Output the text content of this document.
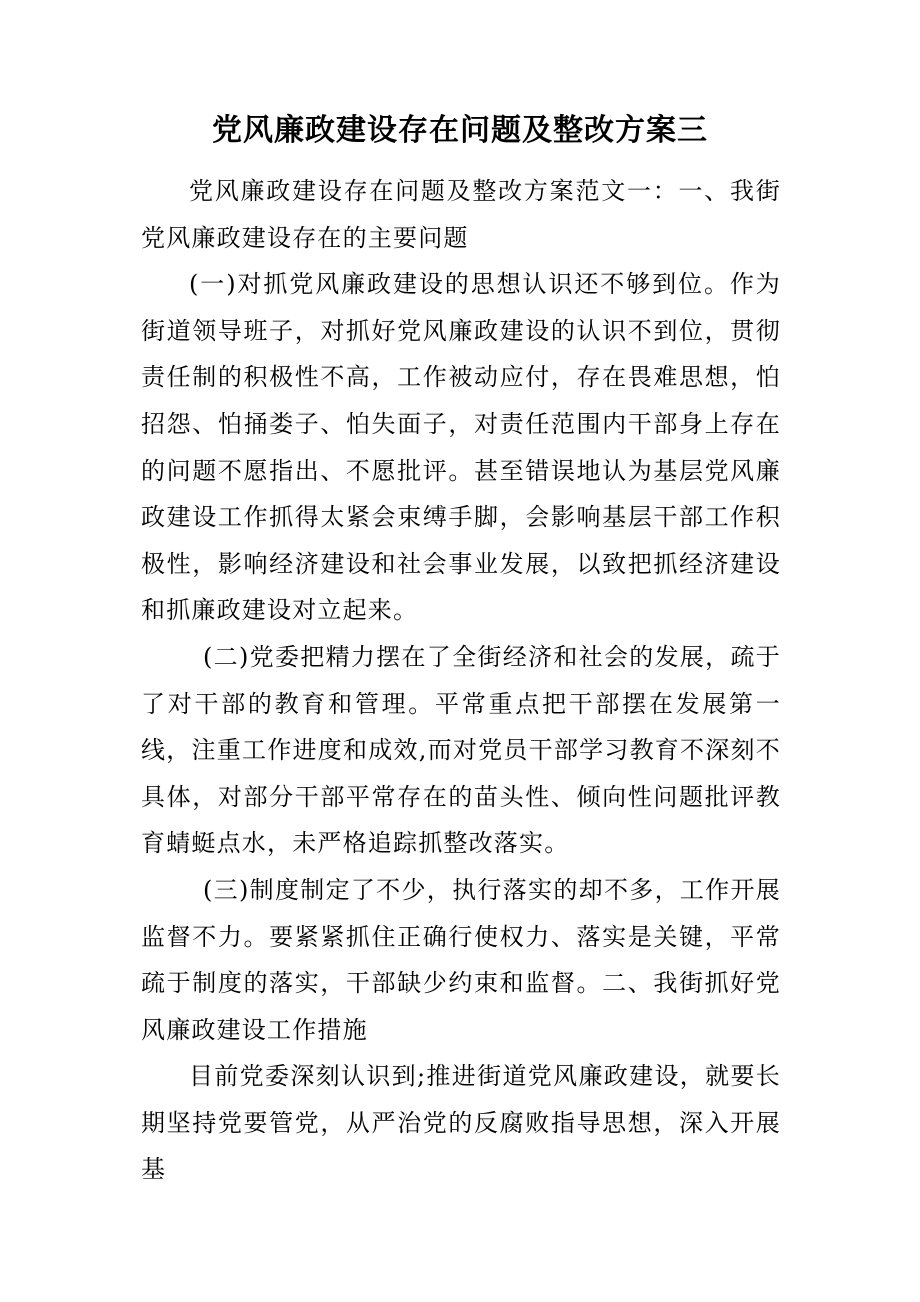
党风廉政建设存在问题及整改方案三

党风廉政建设存在问题及整改方案范文一：一、我街党风廉政建设存在的主要问题

(一)对抓党风廉政建设的思想认识还不够到位。作为街道领导班子，对抓好党风廉政建设的认识不到位，贯彻责任制的积极性不高，工作被动应付，存在畏难思想，怕招怨、怕捅娄子、怕失面子，对责任范围内干部身上存在的问题不愿指出、不愿批评。甚至错误地认为基层党风廉政建设工作抓得太紧会束缚手脚，会影响基层干部工作积极性，影响经济建设和社会事业发展，以致把抓经济建设和抓廉政建设对立起来。

(二)党委把精力摆在了全街经济和社会的发展，疏于了对干部的教育和管理。平常重点把干部摆在发展第一线，注重工作进度和成效,而对党员干部学习教育不深刻不具体，对部分干部平常存在的苗头性、倾向性问题批评教育蜻蜓点水，未严格追踪抓整改落实。

(三)制度制定了不少，执行落实的却不多，工作开展监督不力。要紧紧抓住正确行使权力、落实是关键，平常疏于制度的落实，干部缺少约束和监督。二、我街抓好党风廉政建设工作措施

目前党委深刻认识到;推进街道党风廉政建设，就要长期坚持党要管党，从严治党的反腐败指导思想，深入开展基
